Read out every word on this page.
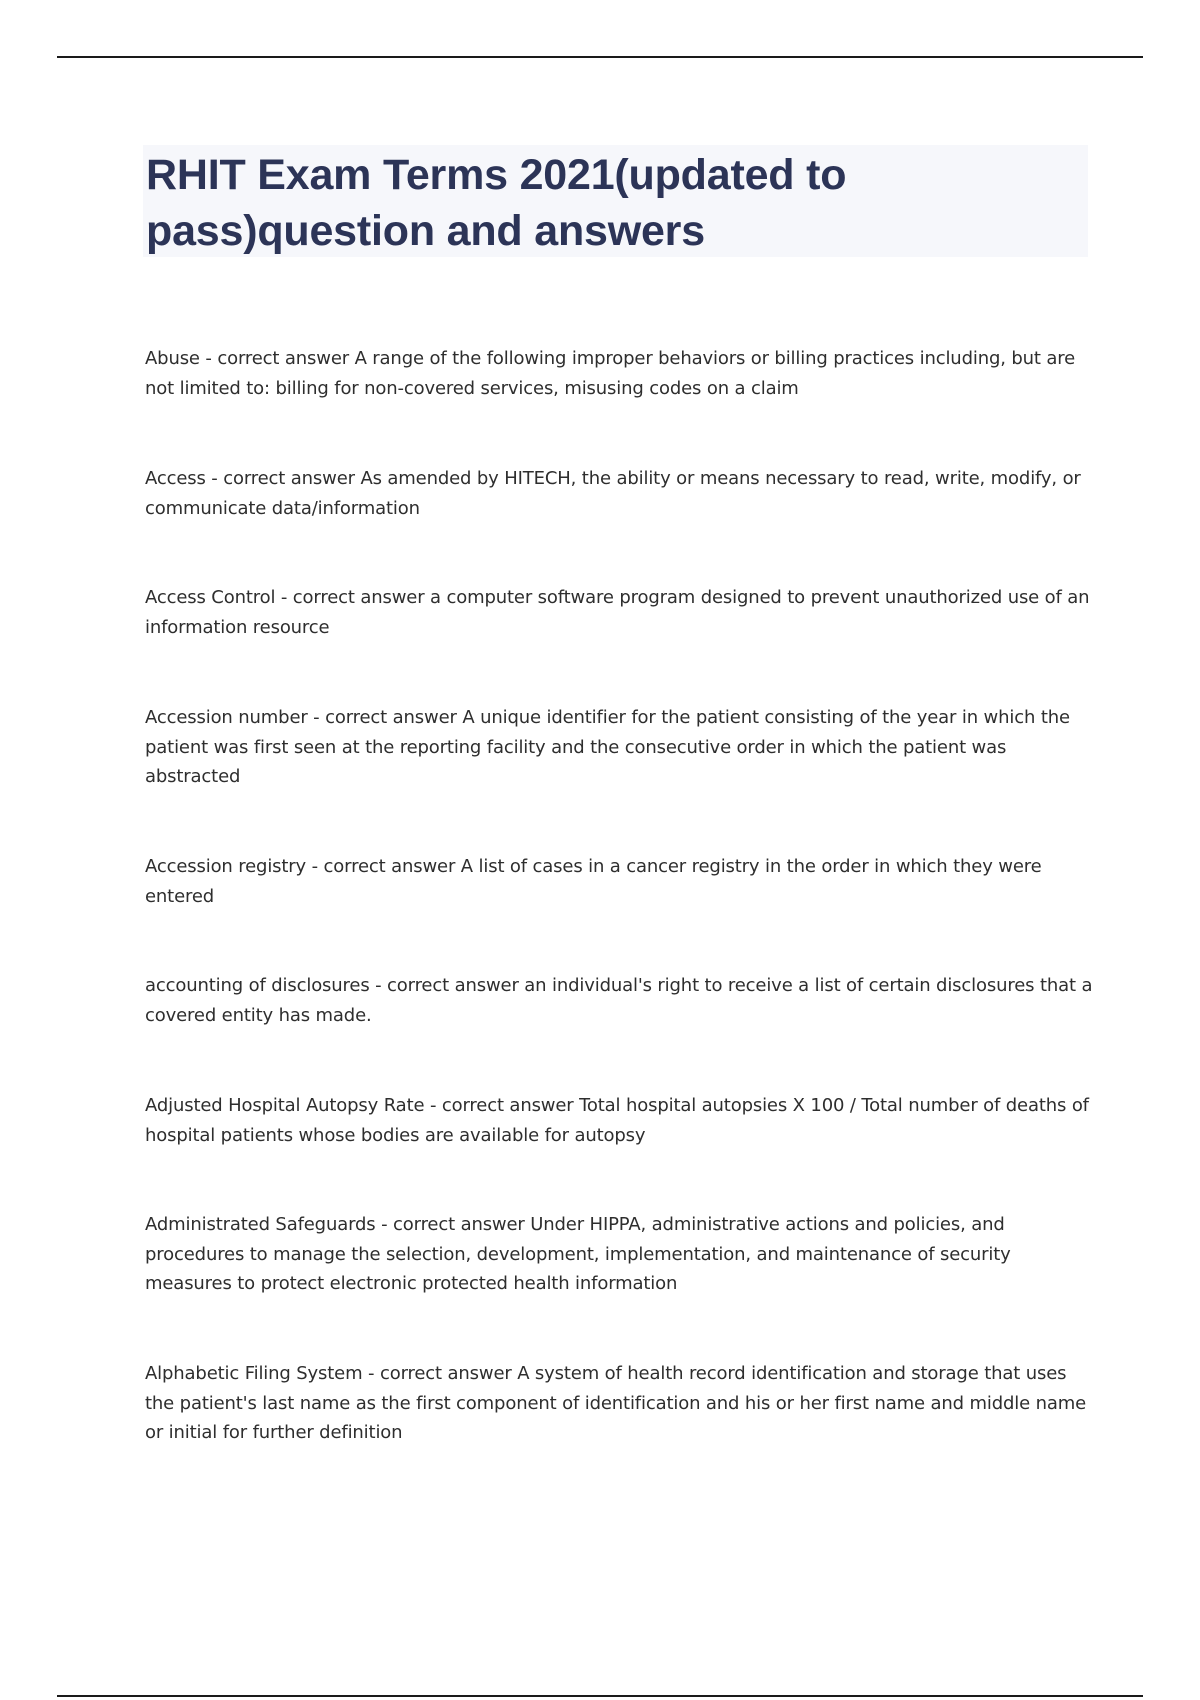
RHIT Exam Terms 2021(updated to pass)question and answers

Abuse - correct answer A range of the following improper behaviors or billing practices including, but are not limited to: billing for non-covered services, misusing codes on a claim

Access - correct answer As amended by HITECH, the ability or means necessary to read, write, modify, or communicate data/information

Access Control - correct answer a computer software program designed to prevent unauthorized use of an information resource

Accession number - correct answer A unique identifier for the patient consisting of the year in which the patient was first seen at the reporting facility and the consecutive order in which the patient was abstracted

Accession registry - correct answer A list of cases in a cancer registry in the order in which they were entered

accounting of disclosures - correct answer an individual's right to receive a list of certain disclosures that a covered entity has made.

Adjusted Hospital Autopsy Rate - correct answer Total hospital autopsies X 100 / Total number of deaths of hospital patients whose bodies are available for autopsy

Administrated Safeguards - correct answer Under HIPPA, administrative actions and policies, and procedures to manage the selection, development, implementation, and maintenance of security measures to protect electronic protected health information

Alphabetic Filing System - correct answer A system of health record identification and storage that uses the patient's last name as the first component of identification and his or her first name and middle name or initial for further definition
